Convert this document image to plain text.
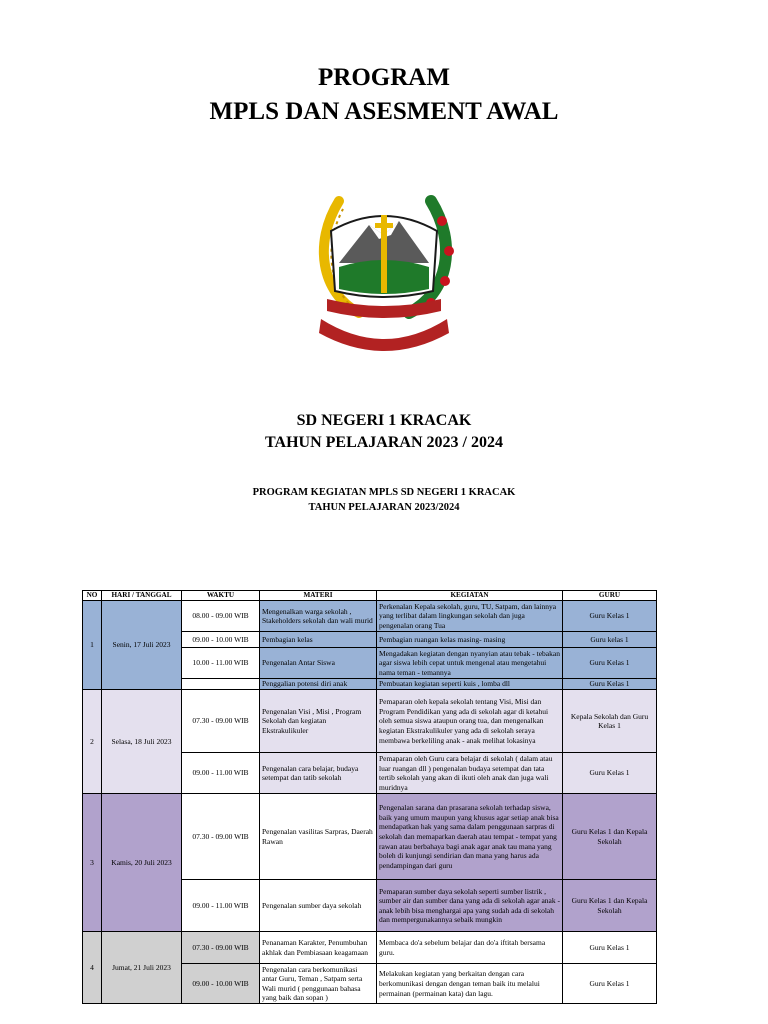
PROGRAM
MPLS DAN ASESMENT AWAL
SD NEGERI 1 KRACAK
TAHUN PELAJARAN 2023 / 2024
PROGRAM KEGIATAN MPLS SD NEGERI 1 KRACAK
TAHUN PELAJARAN 2023/2024
NO	HARI / TANGGAL	WAKTU	MATERI	KEGIATAN	GURU
1	Senin, 17 Juli 2023	08.00 - 09.00 WIB	Mengenalkan warga sekolah , Stakeholders sekolah dan wali murid	Perkenalan Kepala sekolah, guru, TU, Satpam, dan lainnya yang terlibat dalam lingkungan sekolah dan juga pengenalan orang Tua	Guru Kelas 1
		09.00 - 10.00 WIB	Pembagian kelas	Pembagian ruangan kelas masing- masing	Guru kelas 1
		10.00 - 11.00 WIB	Pengenalan Antar Siswa	Mengadakan kegiatan dengan nyanyian atau tebak - tebakan agar siswa lebih cepat untuk mengenal atau mengetahui nama teman - temannya	Guru Kelas 1
			Penggalian potensi diri anak	Pembuatan kegiatan seperti kuis , lomba dll	Guru Kelas 1
2	Selasa, 18 Juli 2023	07.30 - 09.00 WIB	Pengenalan Visi , Misi , Program Sekolah dan kegiatan Ekstrakulikuler	Pemaparan oleh kepala sekolah tentang Visi, Misi dan Program Pendidikan yang ada di sekolah agar di ketahui oleh semua siswa ataupun orang tua, dan mengenalkan kegiatan Ekstrakulikuler yang ada di sekolah seraya membawa berkeliling anak - anak melihat lokasinya	Kepala Sekolah dan Guru Kelas 1
		09.00 - 11.00 WIB	Pengenalan cara belajar, budaya setempat dan tatib sekolah	Pemaparan oleh Guru cara belajar di sekolah ( dalam atau luar ruangan dll ) pengenalan budaya setempat dan tata tertib sekolah yang akan di ikuti oleh anak dan juga wali muridnya	Guru Kelas 1
3	Kamis, 20 Juli 2023	07.30 - 09.00 WIB	Pengenalan vasilitas Sarpras, Daerah Rawan	Pengenalan sarana dan prasarana sekolah terhadap siswa, baik yang umum maupun yang khusus agar setiap anak bisa mendapatkan hak yang sama dalam penggunaan sarpras di sekolah dan memaparkan daerah atau tempat - tempat yang rawan atau berbahaya bagi anak agar anak tau mana yang boleh di kunjungi sendirian dan mana yang harus ada pendampingan dari guru	Guru Kelas 1 dan Kepala Sekolah
		09.00 - 11.00 WIB	Pengenalan sumber daya sekolah	Pemaparan sumber daya sekolah seperti sumber listrik , sumber air dan sumber dana yang ada di sekolah agar anak - anak lebih bisa menghargai apa yang sudah ada di sekolah dan mempergunakannya sebaik mungkin	Guru Kelas 1 dan Kepala Sekolah
4	Jumat, 21 Juli 2023	07.30 - 09.00 WIB	Penanaman Karakter, Penumbuhan akhlak dan Pembiasaan keagamaan	Membaca do'a sebelum belajar dan do'a iftitah bersama guru.	Guru Kelas 1
		09.00 - 10.00 WIB	Pengenalan cara berkomunikasi antar Guru, Teman , Satpam serta Wali murid ( penggunaan bahasa yang baik dan sopan )	Melakukan kegiatan yang berkaitan dengan cara berkomunikasi dengan dengan teman baik itu melalui permainan (permainan kata) dan lagu.	Guru Kelas 1
